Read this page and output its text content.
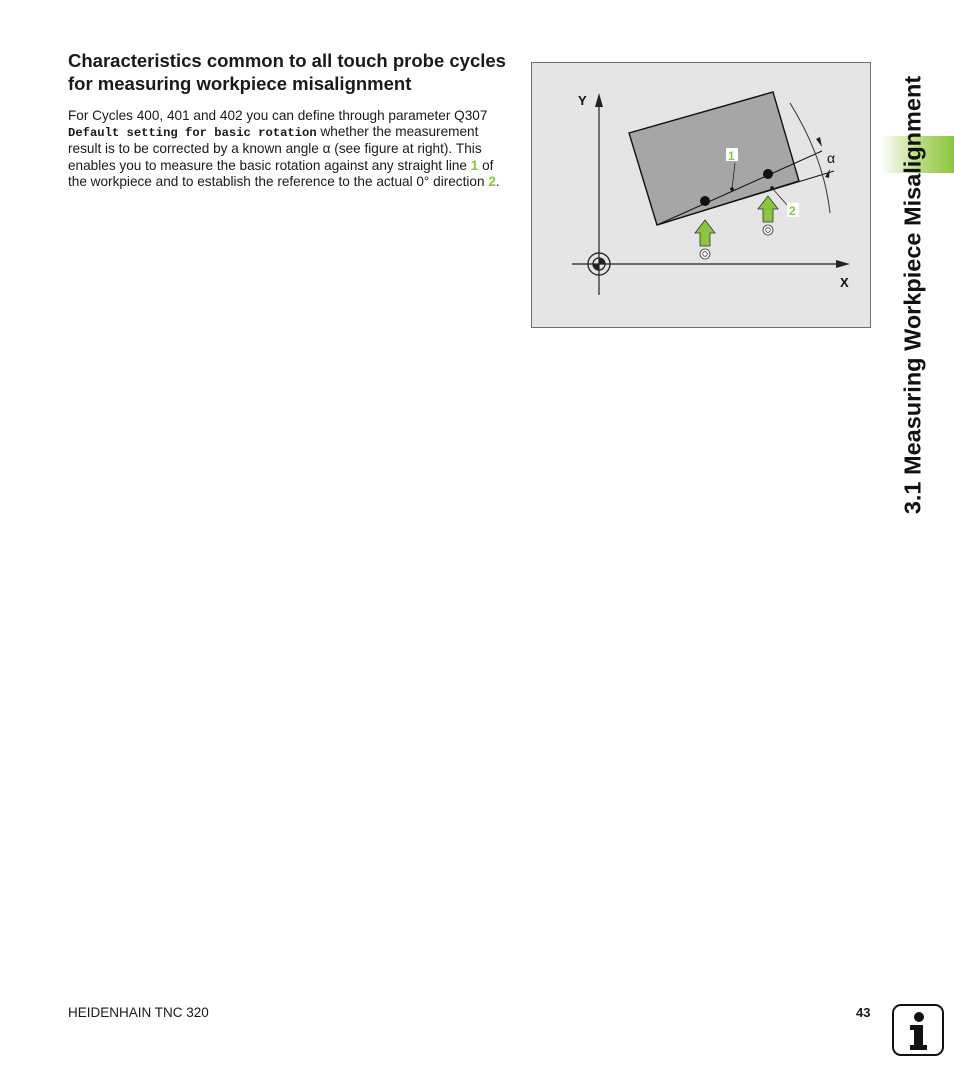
Characteristics common to all touch probe cycles for measuring workpiece misalignment

For Cycles 400, 401 and 402 you can define through parameter Q307 Default setting for basic rotation whether the measurement result is to be corrected by a known angle α (see figure at right). This enables you to measure the basic rotation against any straight line 1 of the workpiece and to establish the reference to the actual 0° direction 2.

Y
X
α
1
2	3.1 Measuring Workpiece Misalignment
HEIDENHAIN TNC 320	43
